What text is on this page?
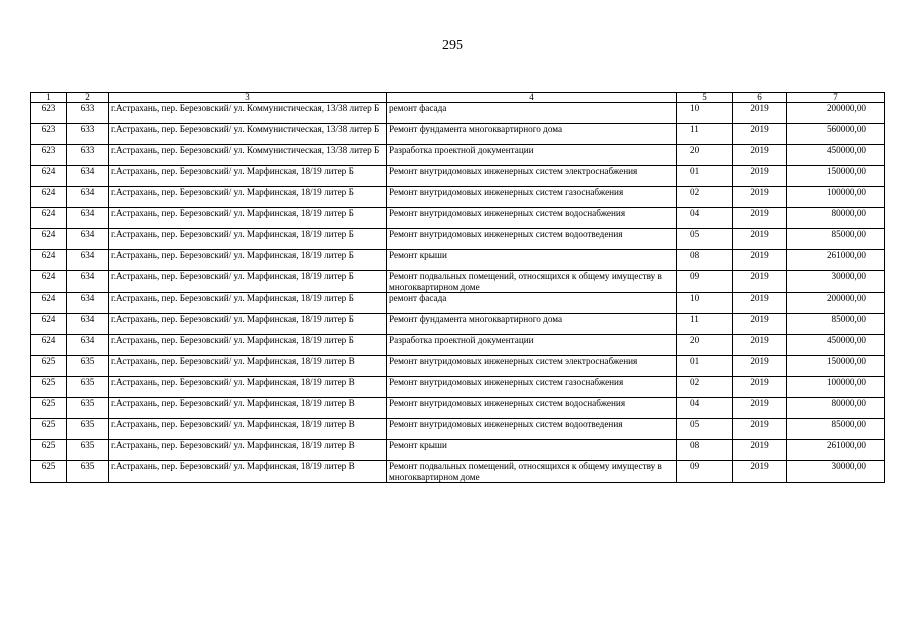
295
1	2	3	4	5	6	7
623	633	г.Астрахань, пер. Березовский/ ул. Коммунистическая, 13/38 литер Б	ремонт фасада	10	2019	200000,00
623	633	г.Астрахань, пер. Березовский/ ул. Коммунистическая, 13/38 литер Б	Ремонт фундамента многоквартирного дома	11	2019	560000,00
623	633	г.Астрахань, пер. Березовский/ ул. Коммунистическая, 13/38 литер Б	Разработка проектной документации	20	2019	450000,00
624	634	г.Астрахань, пер. Березовский/ ул. Марфинская, 18/19 литер Б	Ремонт внутридомовых инженерных систем электроснабжения	01	2019	150000,00
624	634	г.Астрахань, пер. Березовский/ ул. Марфинская, 18/19 литер Б	Ремонт внутридомовых инженерных систем газоснабжения	02	2019	100000,00
624	634	г.Астрахань, пер. Березовский/ ул. Марфинская, 18/19 литер Б	Ремонт внутридомовых инженерных систем водоснабжения	04	2019	80000,00
624	634	г.Астрахань, пер. Березовский/ ул. Марфинская, 18/19 литер Б	Ремонт внутридомовых инженерных систем водоотведения	05	2019	85000,00
624	634	г.Астрахань, пер. Березовский/ ул. Марфинская, 18/19 литер Б	Ремонт крыши	08	2019	261000,00
624	634	г.Астрахань, пер. Березовский/ ул. Марфинская, 18/19 литер Б	Ремонт подвальных помещений, относящихся к общему имуществу в многоквартирном доме	09	2019	30000,00
624	634	г.Астрахань, пер. Березовский/ ул. Марфинская, 18/19 литер Б	ремонт фасада	10	2019	200000,00
624	634	г.Астрахань, пер. Березовский/ ул. Марфинская, 18/19 литер Б	Ремонт фундамента многоквартирного дома	11	2019	85000,00
624	634	г.Астрахань, пер. Березовский/ ул. Марфинская, 18/19 литер Б	Разработка проектной документации	20	2019	450000,00
625	635	г.Астрахань, пер. Березовский/ ул. Марфинская, 18/19 литер В	Ремонт внутридомовых инженерных систем электроснабжения	01	2019	150000,00
625	635	г.Астрахань, пер. Березовский/ ул. Марфинская, 18/19 литер В	Ремонт внутридомовых инженерных систем газоснабжения	02	2019	100000,00
625	635	г.Астрахань, пер. Березовский/ ул. Марфинская, 18/19 литер В	Ремонт внутридомовых инженерных систем водоснабжения	04	2019	80000,00
625	635	г.Астрахань, пер. Березовский/ ул. Марфинская, 18/19 литер В	Ремонт внутридомовых инженерных систем водоотведения	05	2019	85000,00
625	635	г.Астрахань, пер. Березовский/ ул. Марфинская, 18/19 литер В	Ремонт крыши	08	2019	261000,00
625	635	г.Астрахань, пер. Березовский/ ул. Марфинская, 18/19 литер В	Ремонт подвальных помещений, относящихся к общему имуществу в многоквартирном доме	09	2019	30000,00
